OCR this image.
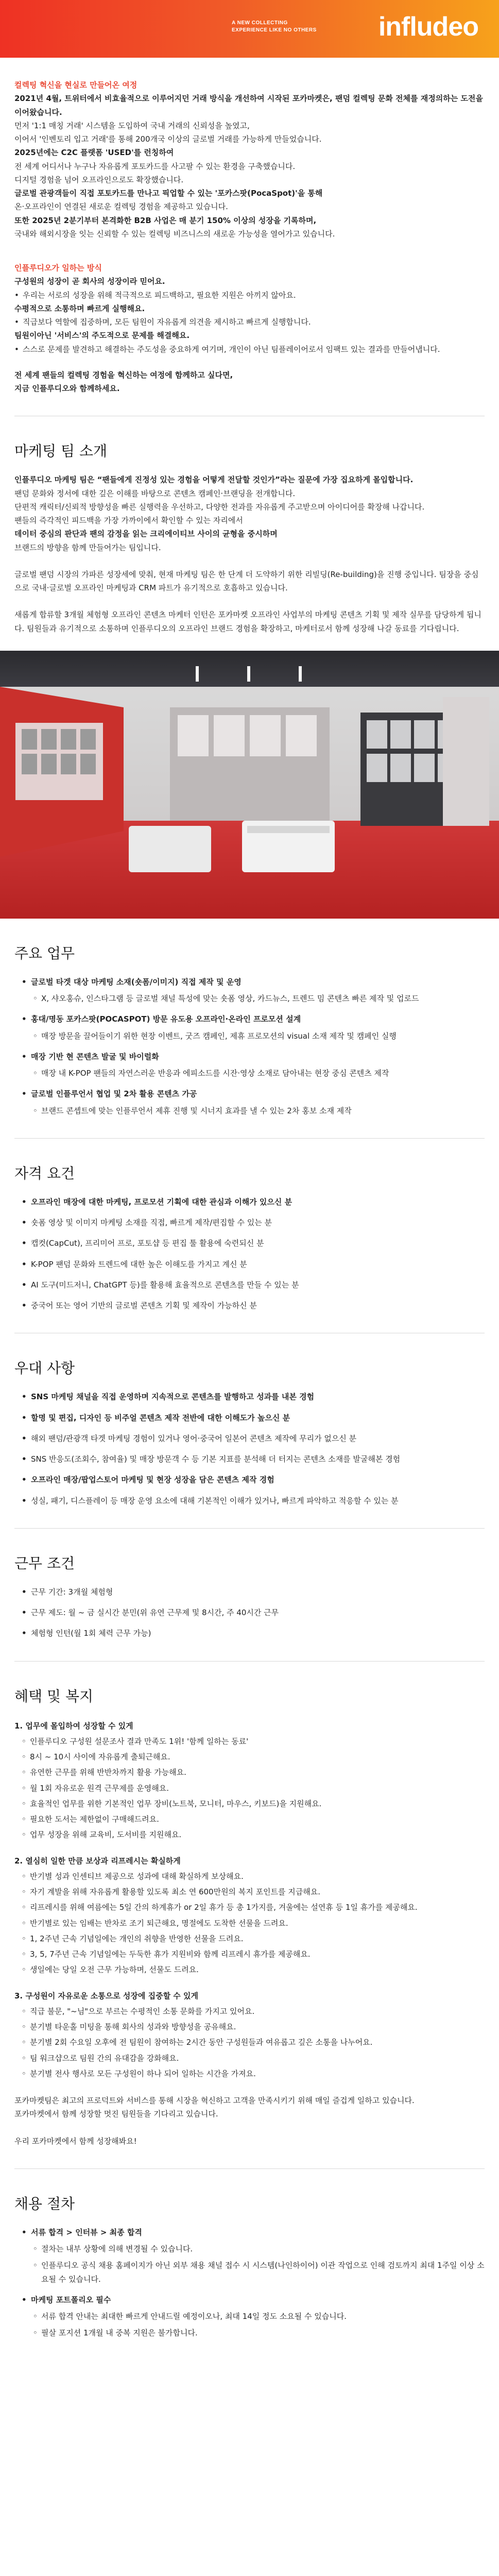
A NEW COLLECTING
EXPERIENCE LIKE NO OTHERS infludeo

컬렉팅 혁신을 현실로 만들어온 여정

2021년 4월, 트위터에서 비효율적으로 이루어지던 거래 방식을 개선하여 시작된 포카마켓은, 팬덤 컬렉팅 문화 전체를 재정의하는 도전을 이어왔습니다.

먼저 '1:1 매칭 거래' 시스템을 도입하여 국내 거래의 신뢰성을 높였고,

이어서 '인벤토리 입고 거래'를 통해 200개국 이상의 글로벌 거래를 가능하게 만들었습니다.

2025년에는 C2C 플랫폼 'USED'를 런칭하여

전 세계 어디서나 누구나 자유롭게 포토카드를 사고팔 수 있는 환경을 구축했습니다.

디지털 경험을 넘어 오프라인으로도 확장했습니다.

글로벌 관광객들이 직접 포토카드를 만나고 픽업할 수 있는 '포카스팟(PocaSpot)'을 통해

온·오프라인이 연결된 새로운 컬렉팅 경험을 제공하고 있습니다.

또한 2025년 2분기부터 본격화한 B2B 사업은 매 분기 150% 이상의 성장을 기록하며,

국내와 해외시장을 잇는 신뢰할 수 있는 컬렉팅 비즈니스의 새로운 가능성을 열어가고 있습니다.

인플루디오가 일하는 방식

구성원의 성장이 곧 회사의 성장이라 믿어요.

• 우리는 서로의 성장을 위해 적극적으로 피드백하고, 필요한 지원은 아끼지 않아요.

수평적으로 소통하며 빠르게 실행해요.

• 직급보다 역할에 집중하며, 모든 팀원이 자유롭게 의견을 제시하고 빠르게 실행합니다.

팀원이아닌 '서비스'의 주도적으로 문제를 해결해요.

• 스스로 문제를 발견하고 해결하는 주도성을 중요하게 여기며, 개인이 아닌 팀플레이어로서 임팩트 있는 결과를 만들어냅니다.

전 세계 팬들의 컬렉팅 경험을 혁신하는 여정에 함께하고 싶다면,

지금 인플루디오와 함께하세요.

마케팅 팀 소개

인플루디오 마케팅 팀은 “팬들에게 진정성 있는 경험을 어떻게 전달할 것인가”라는 질문에 가장 집요하게 몰입합니다.

팬덤 문화와 정서에 대한 깊은 이해를 바탕으로 콘텐츠 캠페인·브랜딩을 전개합니다.

단편적 캐릭터/신뢰적 방향성을 빠른 실행력을 우선하고, 다양한 전과를 자유롭게 주고받으며 아이디어를 확장해 나갑니다.

팬들의 즉각적인 피드백을 가장 가까이에서 확인할 수 있는 자리에서

데이터 중심의 판단과 팬의 감정을 읽는 크리에이티브 사이의 균형을 중시하며

브랜드의 방향을 함께 만들어가는 팀입니다.

글로벌 팬덤 시장의 가파른 성장세에 맞춰, 현재 마케팅 팀은 한 단계 더 도약하기 위한 리빌딩(Re-building)을 진행 중입니다. 팀장을 중심으로 국내·글로벌 오프라인 마케팅과 CRM 파트가 유기적으로 호흡하고 있습니다.

새롭게 합류할 3개월 체험형 오프라인 콘텐츠 마케터 인턴은 포카마켓 오프라인 사업부의 마케팅 콘텐츠 기획 및 제작 실무를 담당하게 됩니다. 팀원들과 유기적으로 소통하며 인플루디오의 오프라인 브랜드 경험을 확장하고, 마케터로서 함께 성장해 나갈 동료를 기다립니다.

주요 업무
• 글로벌 타겟 대상 마케팅 소재(숏폼/이미지) 직접 제작 및 운영
◦ X, 샤오홍슈, 인스타그램 등 글로벌 채널 특성에 맞는 숏폼 영상, 카드뉴스, 트렌드 밈 콘텐츠 빠른 제작 및 업로드
• 홍대/명동 포카스팟(POCASPOT) 방문 유도용 오프라인·온라인 프로모션 설계
◦ 매장 방문을 끌어들이기 위한 현장 이벤트, 굿즈 캠페인, 제휴 프로모션의 visual 소재 제작 및 캠페인 실행
• 매장 기반 현 콘텐츠 발굴 및 바이럴화
◦ 매장 내 K-POP 팬들의 자연스러운 반응과 에피소드를 시잔·영상 소재로 담아내는 현장 중심 콘텐츠 제작
• 글로벌 인플루언서 협업 및 2차 활용 콘텐츠 가공
◦ 브랜드 콘셉트에 맞는 인플루언서 제휴 진행 및 시너지 효과를 낼 수 있는 2차 홍보 소재 제작
자격 요건
• 오프라인 매장에 대한 마케팅, 프로모션 기획에 대한 관심과 이해가 있으신 분
• 숏폼 영상 및 이미지 마케팅 소재를 직접, 빠르게 제작/편집할 수 있는 분
• 캡컷(CapCut), 프리미어 프로, 포토샵 등 편집 툴 활용에 숙련되신 분
• K-POP 팬덤 문화와 트렌드에 대한 높은 이해도를 가지고 계신 분
• AI 도구(미드저니, ChatGPT 등)를 활용해 효율적으로 콘텐츠를 만들 수 있는 분
• 중국어 또는 영어 기반의 글로벌 콘텐츠 기획 및 제작이 가능하신 분
우대 사항
• SNS 마케팅 채널을 직접 운영하며 지속적으로 콘텐츠를 발행하고 성과를 내본 경험
• 할명 및 편집, 디자인 등 비주얼 콘텐츠 제작 전반에 대한 이해도가 높으신 분
• 해외 팬덤/관광객 타겟 마케팅 경험이 있거나 영어·중국어 일본어 콘텐츠 제작에 무리가 없으신 분
• SNS 반응도(조회수, 참여율) 및 매장 방문객 수 등 기본 지표를 분석해 더 터지는 콘텐츠 소재를 발굴해본 경험
• 오프라인 매장/팝업스토어 마케팅 및 현장 성장을 담은 콘텐츠 제작 경험
• 성실, 패기, 디스플레이 등 매장 운영 요소에 대해 기본적인 이해가 있거나, 빠르게 파악하고 적응할 수 있는 분
근무 조건
• 근무 기간: 3개월 체험형
• 근무 제도: 월 ~ 금 실시간 분민(위 유연 근무제 및 8시간, 주 40시간 근무
• 체험형 인턴(월 1회 체력 근무 가능)
혜택 및 복지

1. 업무에 몰입하여 성장할 수 있게

◦ 인플루디오 구성원 설문조사 결과 만족도 1위! '함께 일하는 동료'
◦ 8시 ~ 10시 사이에 자유롭게 출퇴근해요.
◦ 유연한 근무를 위해 반반차까지 활용 가능해요.
◦ 월 1회 자유로운 원격 근무제를 운영해요.
◦ 효율적인 업무를 위한 기본적인 업무 장비(노트북, 모니터, 마우스, 키보드)을 지원해요.
◦ 필요한 도서는 제한없이 구매해드려요.
◦ 업무 성장을 위해 교육비, 도서비를 지원해요.

2. 열심히 일한 만큼 보상과 리프레시는 확실하게

◦ 반기별 성과 인센티브 제공으로 성과에 대해 확실하게 보상해요.
◦ 자기 계발을 위해 자유롭게 활용할 있도록 최소 연 600만원의 복지 포인트를 지급해요.
◦ 리프레시를 위해 여름에는 5일 간의 하계휴가 or 2일 휴가 등 총 1가지를, 겨울에는 설연휴 등 1일 휴가를 제공해요.
◦ 반기별로 있는 임배는 반차로 조기 퇴근해요, 명절에도 도착한 선물을 드려요.
◦ 1, 2주년 근속 기념일에는 개인의 취향을 반영한 선물을 드려요.
◦ 3, 5, 7주년 근속 기념일에는 두둑한 휴가 지원비와 함께 리프레시 휴가를 제공해요.
◦ 생일에는 당일 오전 근무 가능하며, 선물도 드려요.

3. 구성원이 자유로운 소통으로 성장에 집중할 수 있게

◦ 직급 불문, "~님"으로 부르는 수평적인 소통 문화를 가지고 있어요.
◦ 분기별 타운홀 미팅을 통해 회사의 성과와 방향성을 공유해요.
◦ 분기별 2회 수요일 오후에 전 팀원이 참여하는 2시간 동안 구성원들과 여유롭고 깊은 소통을 나누어요.
◦ 팀 워크샵으로 팀원 간의 유대감을 강화해요.
◦ 분기별 전사 행사로 모든 구성원이 하나 되어 일하는 시간을 가져요.

포카마켓팀은 최고의 프로덕트와 서비스를 통해 시장을 혁신하고 고객을 만족시키기 위해 매일 즐겁게 일하고 있습니다.

포카마켓에서 함께 성장할 멋진 팀원들을 기다리고 있습니다.

우리 포카마켓에서 함께 성장해봐요!

채용 절차
• 서류 합격 > 인터뷰 > 최종 합격
◦ 절차는 내부 상황에 의해 변경될 수 있습니다.
◦ 인플루디오 공식 채용 홈페이지가 아닌 외부 채용 채널 접수 시 시스템(나인하이어) 이관 작업으로 인해 검토까지 최대 1주일 이상 소요될 수 있습니다.
• 마케팅 포트폴리오 필수
◦ 서류 합격 안내는 최대한 빠르게 안내드릴 예정이오나, 최대 14일 정도 소요될 수 있습니다.
◦ 필살 포지션 1개월 내 중복 지원은 불가합니다.
